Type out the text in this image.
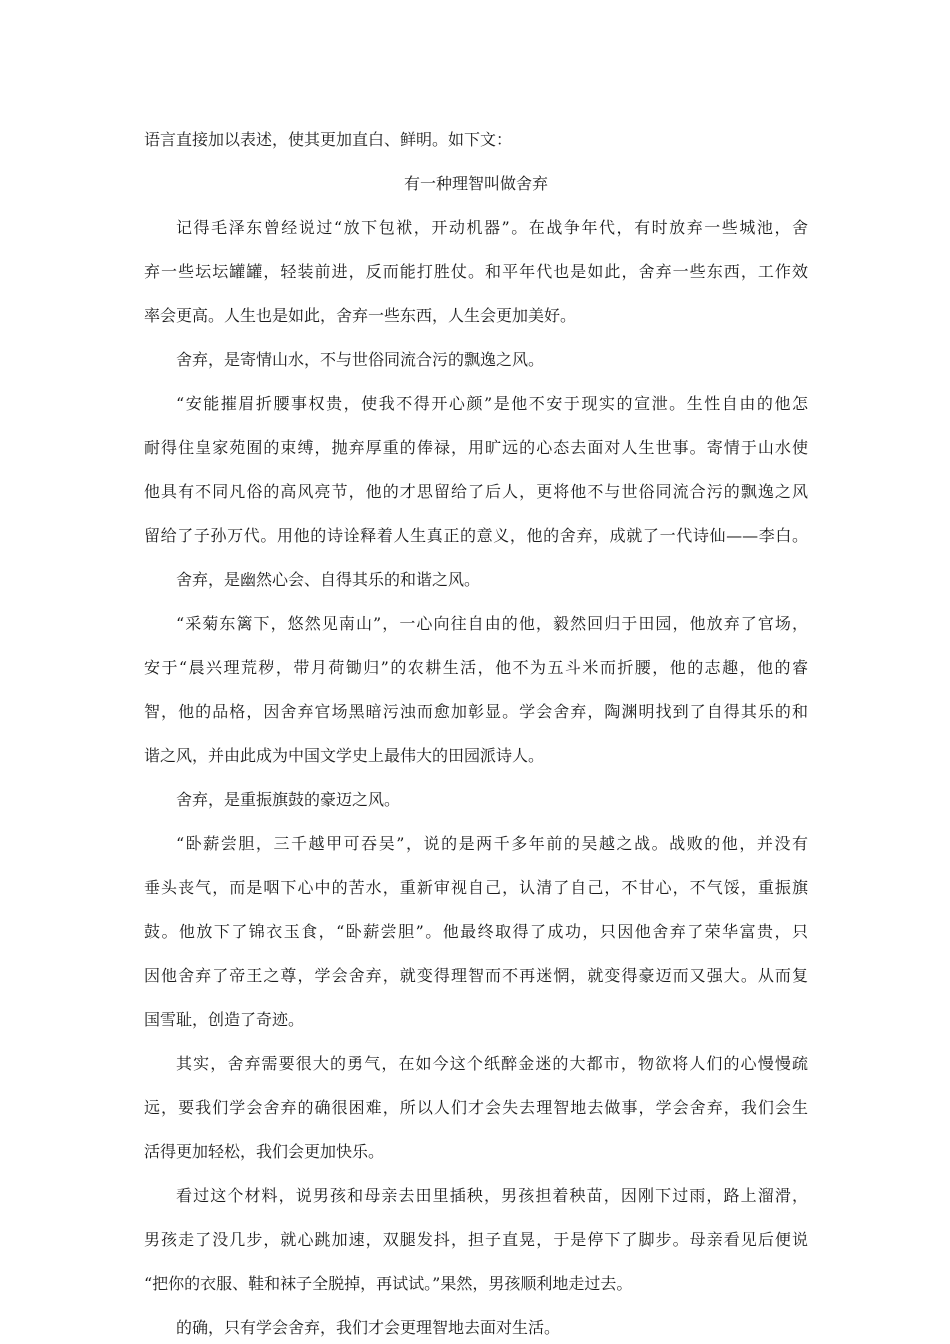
语言直接加以表述，使其更加直白、鲜明。如下文：
有一种理智叫做舍弃
记得毛泽东曾经说过“放下包袱，开动机器”。在战争年代，有时放弃一些城池，舍
弃一些坛坛罐罐，轻装前进，反而能打胜仗。和平年代也是如此，舍弃一些东西，工作效
率会更高。人生也是如此，舍弃一些东西，人生会更加美好。
舍弃，是寄情山水，不与世俗同流合污的飘逸之风。
“安能摧眉折腰事权贵，使我不得开心颜”是他不安于现实的宣泄。生性自由的他怎
耐得住皇家苑囿的束缚，抛弃厚重的俸禄，用旷远的心态去面对人生世事。寄情于山水使
他具有不同凡俗的高风亮节，他的才思留给了后人，更将他不与世俗同流合污的飘逸之风
留给了子孙万代。用他的诗诠释着人生真正的意义，他的舍弃，成就了一代诗仙——李白。
舍弃，是幽然心会、自得其乐的和谐之风。
“采菊东篱下，悠然见南山”，一心向往自由的他，毅然回归于田园，他放弃了官场，
安于“晨兴理荒秽，带月荷锄归”的农耕生活，他不为五斗米而折腰，他的志趣，他的睿
智，他的品格，因舍弃官场黑暗污浊而愈加彰显。学会舍弃，陶渊明找到了自得其乐的和
谐之风，并由此成为中国文学史上最伟大的田园派诗人。
舍弃，是重振旗鼓的豪迈之风。
“卧薪尝胆，三千越甲可吞吴”，说的是两千多年前的吴越之战。战败的他，并没有
垂头丧气，而是咽下心中的苦水，重新审视自己，认清了自己，不甘心，不气馁，重振旗
鼓。他放下了锦衣玉食，“卧薪尝胆”。他最终取得了成功，只因他舍弃了荣华富贵，只
因他舍弃了帝王之尊，学会舍弃，就变得理智而不再迷惘，就变得豪迈而又强大。从而复
国雪耻，创造了奇迹。
其实，舍弃需要很大的勇气，在如今这个纸醉金迷的大都市，物欲将人们的心慢慢疏
远，要我们学会舍弃的确很困难，所以人们才会失去理智地去做事，学会舍弃，我们会生
活得更加轻松，我们会更加快乐。
看过这个材料，说男孩和母亲去田里插秧，男孩担着秧苗，因刚下过雨，路上溜滑，
男孩走了没几步，就心跳加速，双腿发抖，担子直晃，于是停下了脚步。母亲看见后便说
“把你的衣服、鞋和袜子全脱掉，再试试。”果然，男孩顺利地走过去。
的确，只有学会舍弃，我们才会更理智地去面对生活。
